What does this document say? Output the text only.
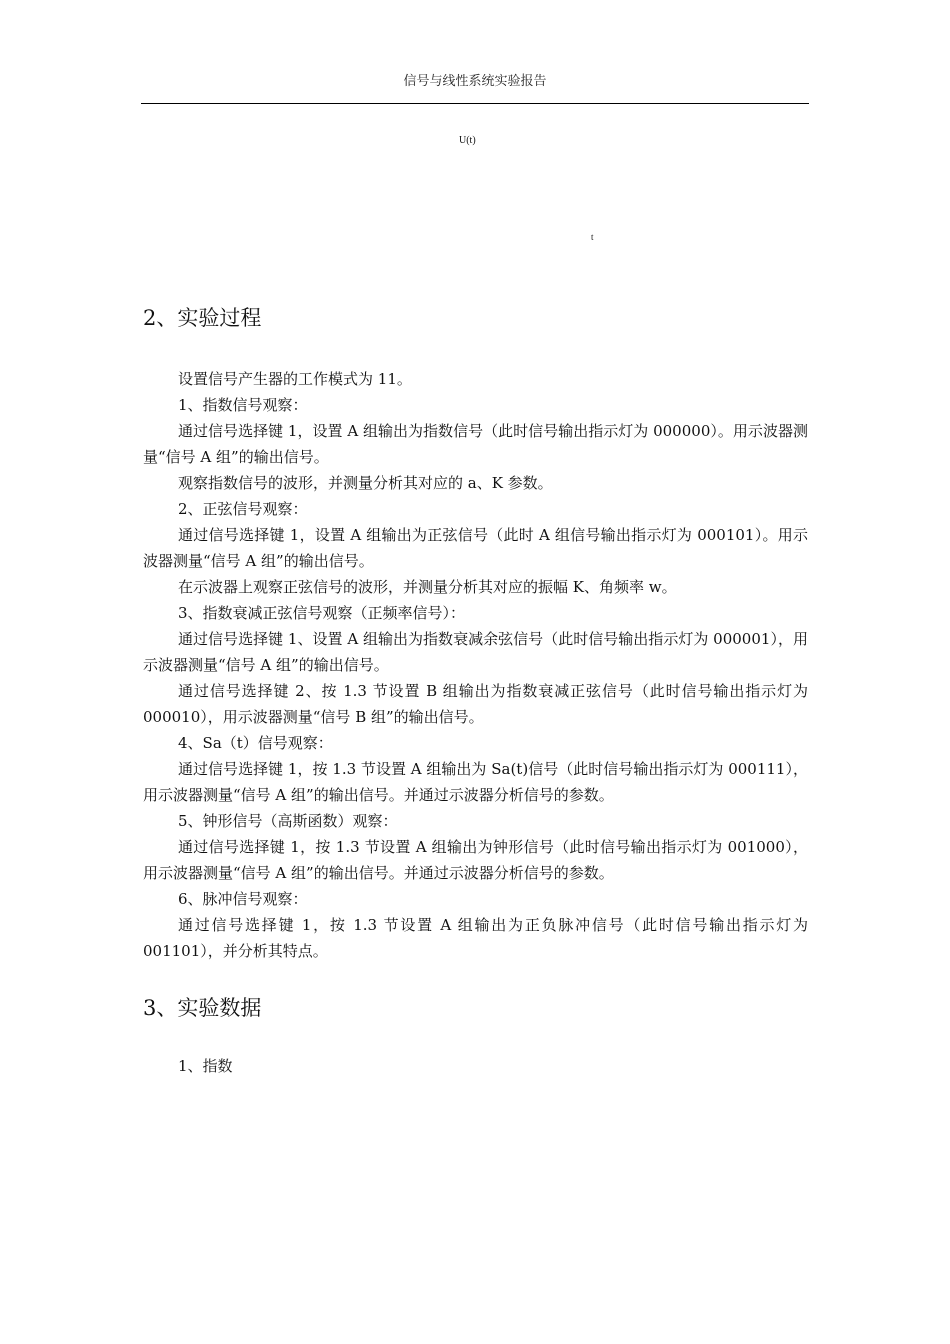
信号与线性系统实验报告
U(t)
t
2、实验过程

设置信号产生器的工作模式为 11。

1、指数信号观察：

通过信号选择键 1，设置 A 组输出为指数信号（此时信号输出指示灯为 000000）。用示波器测量“信号 A 组”的输出信号。

观察指数信号的波形，并测量分析其对应的 a、K 参数。

2、正弦信号观察：

通过信号选择键 1，设置 A 组输出为正弦信号（此时 A 组信号输出指示灯为 000101）。用示波器测量“信号 A 组”的输出信号。

在示波器上观察正弦信号的波形，并测量分析其对应的振幅 K、角频率 w。

3、指数衰减正弦信号观察（正频率信号）：

通过信号选择键 1、设置 A 组输出为指数衰减余弦信号（此时信号输出指示灯为 000001），用示波器测量“信号 A 组”的输出信号。

通过信号选择键 2、按 1.3 节设置 B 组输出为指数衰减正弦信号（此时信号输出指示灯为 000010），用示波器测量“信号 B 组”的输出信号。

4、Sa（t）信号观察：

通过信号选择键 1，按 1.3 节设置 A 组输出为 Sa(t)信号（此时信号输出指示灯为 000111），用示波器测量“信号 A 组”的输出信号。并通过示波器分析信号的参数。

5、钟形信号（高斯函数）观察：

通过信号选择键 1，按 1.3 节设置 A 组输出为钟形信号（此时信号输出指示灯为 001000），用示波器测量“信号 A 组”的输出信号。并通过示波器分析信号的参数。

6、脉冲信号观察：

通过信号选择键 1，按 1.3 节设置 A 组输出为正负脉冲信号（此时信号输出指示灯为 001101），并分析其特点。

3、实验数据

1、指数
